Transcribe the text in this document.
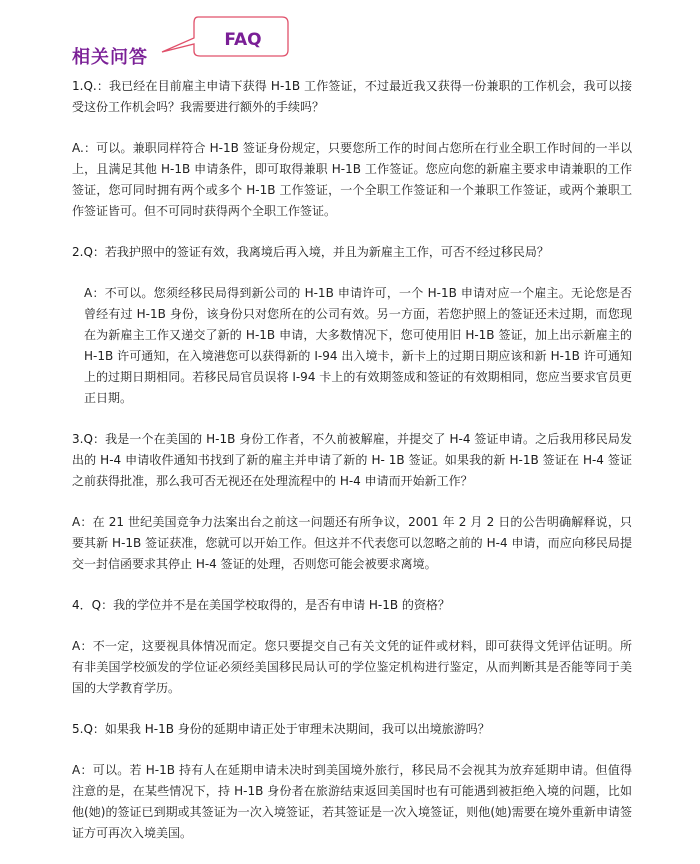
相关问答
FAQ

1.Q.：我已经在目前雇主申请下获得 H-1B 工作签证，不过最近我又获得一份兼职的工作机会，我可以接受这份工作机会吗？我需要进行额外的手续吗？

A.：可以。兼职同样符合 H-1B 签证身份规定，只要您所工作的时间占您所在行业全职工作时间的一半以上，且满足其他 H-1B 申请条件，即可取得兼职 H-1B 工作签证。您应向您的新雇主要求申请兼职的工作签证，您可同时拥有两个或多个 H-1B 工作签证，一个全职工作签证和一个兼职工作签证，或两个兼职工作签证皆可。但不可同时获得两个全职工作签证。

2.Q：若我护照中的签证有效，我离境后再入境，并且为新雇主工作，可否不经过移民局？

A：不可以。您须经移民局得到新公司的 H-1B 申请许可，一个 H-1B 申请对应一个雇主。无论您是否曾经有过 H-1B 身份，该身份只对您所在的公司有效。另一方面，若您护照上的签证还未过期，而您现在为新雇主工作又递交了新的 H-1B 申请，大多数情况下，您可使用旧 H-1B 签证，加上出示新雇主的 H-1B 许可通知，在入境港您可以获得新的 I-94 出入境卡，新卡上的过期日期应该和新 H-1B 许可通知上的过期日期相同。若移民局官员误将 I-94 卡上的有效期签成和签证的有效期相同，您应当要求官员更正日期。

3.Q：我是一个在美国的 H-1B 身份工作者，不久前被解雇，并提交了 H-4 签证申请。之后我用移民局发出的 H-4 申请收件通知书找到了新的雇主并申请了新的 H- 1B 签证。如果我的新 H-1B 签证在 H-4 签证之前获得批准，那么我可否无视还在处理流程中的 H-4 申请而开始新工作？

A：在 21 世纪美国竞争力法案出台之前这一问题还有所争议，2001 年 2 月 2 日的公告明确解释说，只要其新 H-1B 签证获准，您就可以开始工作。但这并不代表您可以忽略之前的 H-4 申请，而应向移民局提交一封信函要求其停止 H-4 签证的处理，否则您可能会被要求离境。

4．Q：我的学位并不是在美国学校取得的，是否有申请 H-1B 的资格？

A：不一定，这要视具体情况而定。您只要提交自己有关文凭的证件或材料，即可获得文凭评估证明。所有非美国学校颁发的学位证必须经美国移民局认可的学位鉴定机构进行鉴定，从而判断其是否能等同于美国的大学教育学历。

5.Q：如果我 H-1B 身份的延期申请正处于审理未决期间，我可以出境旅游吗？

A：可以。若 H-1B 持有人在延期申请未决时到美国境外旅行，移民局不会视其为放弃延期申请。但值得注意的是，在某些情况下，持 H-1B 身份者在旅游结束返回美国时也有可能遇到被拒绝入境的问题，比如他(她)的签证已到期或其签证为一次入境签证，若其签证是一次入境签证，则他(她)需要在境外重新申请签证方可再次入境美国。
